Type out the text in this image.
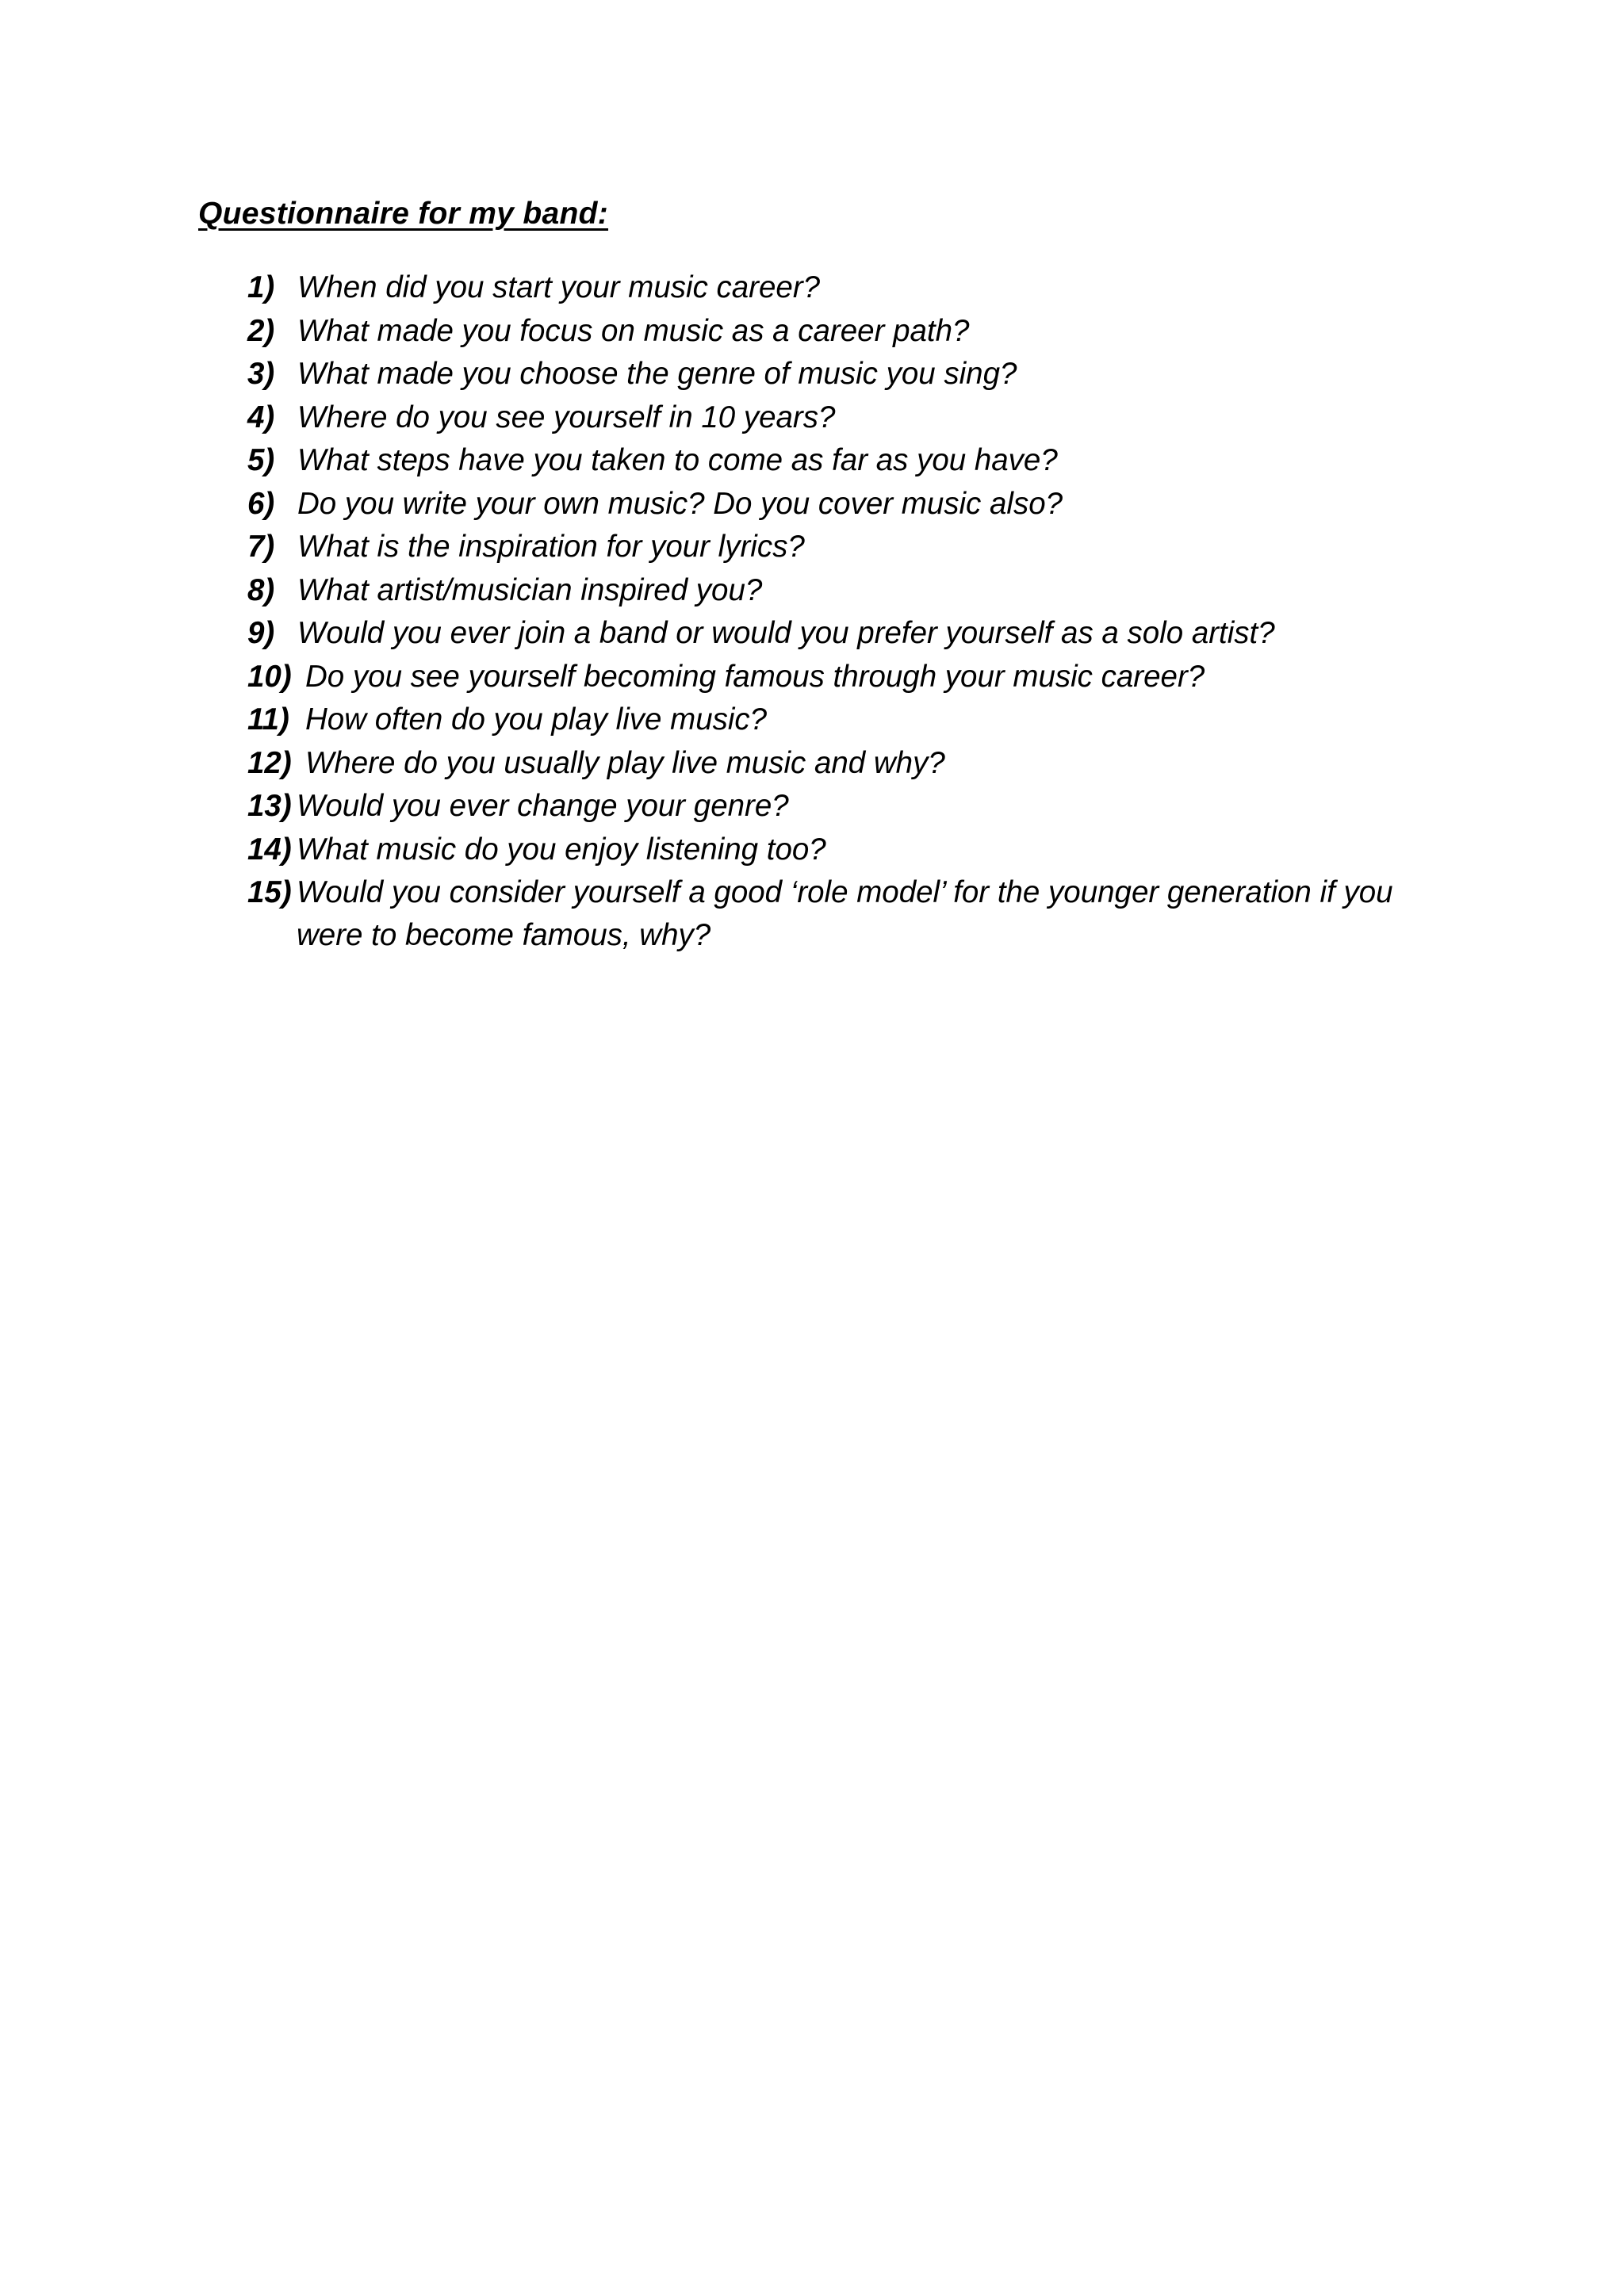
Questionnaire for my band:
1) When did you start your music career?
2) What made you focus on music as a career path?
3) What made you choose the genre of music you sing?
4) Where do you see yourself in 10 years?
5) What steps have you taken to come as far as you have?
6) Do you write your own music? Do you cover music also?
7) What is the inspiration for your lyrics?
8) What artist/musician inspired you?
9) Would you ever join a band or would you prefer yourself as a solo artist?
10) Do you see yourself becoming famous through your music career?
11) How often do you play live music?
12) Where do you usually play live music and why?
13) Would you ever change your genre?
14) What music do you enjoy listening too?
15) Would you consider yourself a good ‘role model’ for the younger generation if you were to become famous, why?
